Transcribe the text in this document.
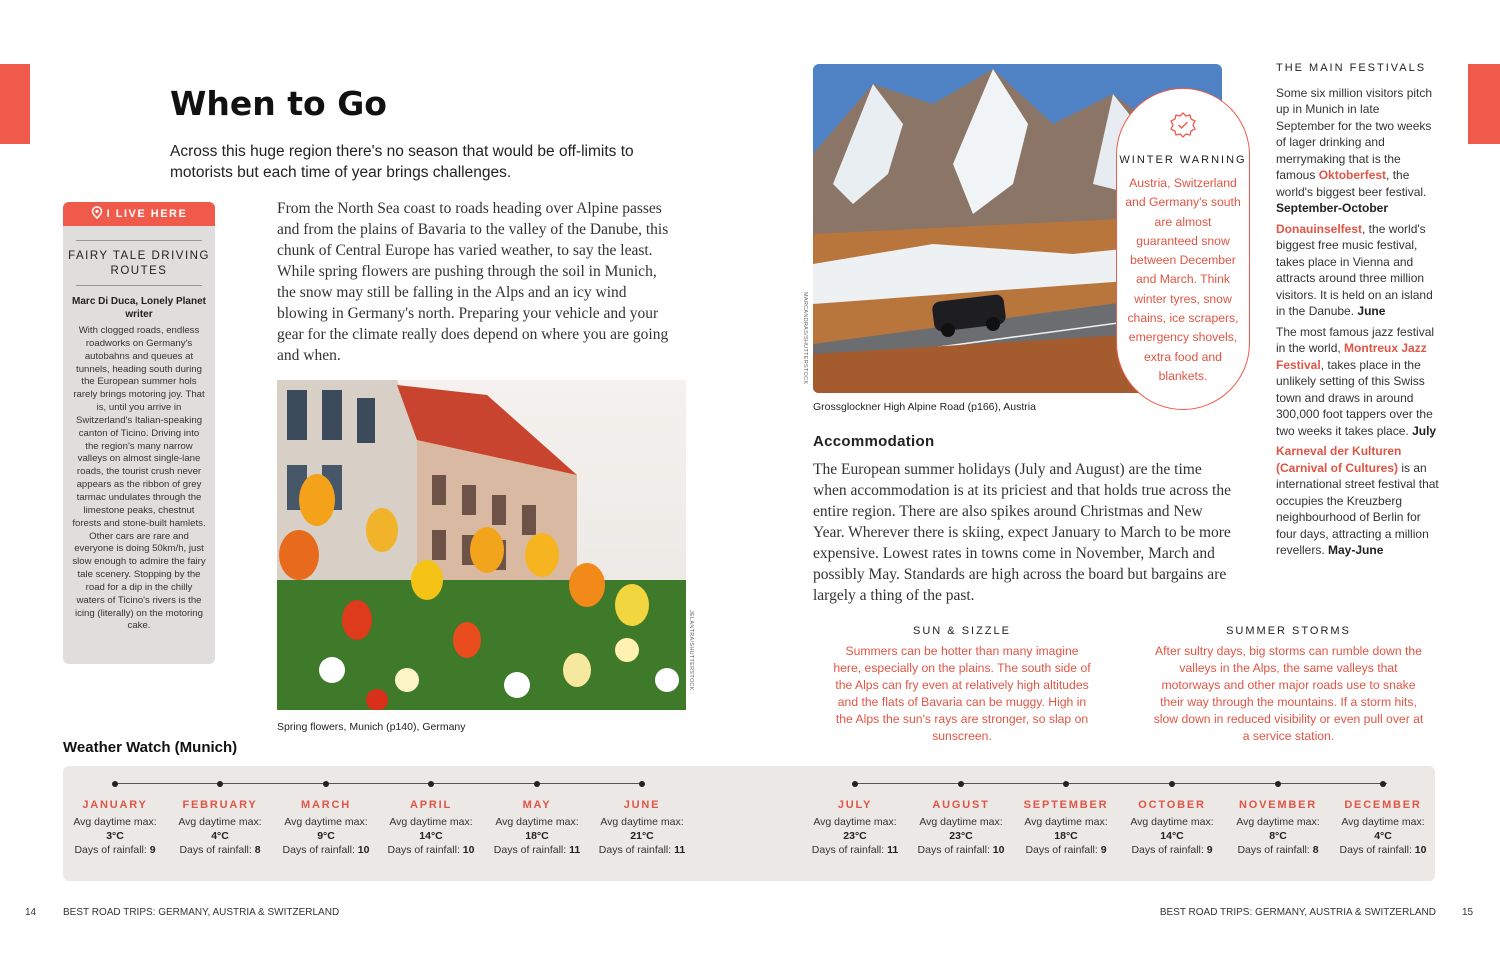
When to Go

Across this huge region there's no season that would be off-limits to motorists but each time of year brings challenges.

I LIVE HERE
FAIRY TALE DRIVING ROUTES
Marc Di Duca, Lonely Planet writer
With clogged roads, endless roadworks on Germany's autobahns and queues at tunnels, heading south during the European summer hols rarely brings motoring joy. That is, until you arrive in Switzerland's Italian-speaking canton of Ticino. Driving into the region's many narrow valleys on almost single-lane roads, the tourist crush never appears as the ribbon of grey tarmac undulates through the limestone peaks, chestnut forests and stone-built hamlets. Other cars are rare and everyone is doing 50km/h, just slow enough to admire the fairy tale scenery. Stopping by the road for a dip in the chilly waters of Ticino's rivers is the icing (literally) on the motoring cake.

From the North Sea coast to roads heading over Alpine passes and from the plains of Bavaria to the valley of the Danube, this chunk of Central Europe has varied weather, to say the least. While spring flowers are pushing through the soil in Munich, the snow may still be falling in the Alps and an icy wind blowing in Germany's north. Preparing your vehicle and your gear for the climate really does depend on where you are going and when.

JELANTRA/SHUTTERSTOCK
Spring flowers, Munich (p140), Germany
MARCANDRAS/SHUTTERSTOCK
Grossglockner High Alpine Road (p166), Austria
WINTER WARNING
Austria, Switzerland and Germany's south are almost guaranteed snow between December and March. Think winter tyres, snow chains, ice scrapers, emergency shovels, extra food and blankets.
Accommodation

The European summer holidays (July and August) are the time when accommodation is at its priciest and that holds true across the entire region. There are also spikes around Christmas and New Year. Wherever there is skiing, expect January to March to be more expensive. Lowest rates in towns come in November, March and possibly May. Standards are high across the board but bargains are largely a thing of the past.

THE MAIN FESTIVALS

Some six million visitors pitch up in Munich in late September for the two weeks of lager drinking and merrymaking that is the famous Oktoberfest, the world's biggest beer festival. September-October

Donauinselfest, the world's biggest free music festival, takes place in Vienna and attracts around three million visitors. It is held on an island in the Danube. June

The most famous jazz festival in the world, Montreux Jazz Festival, takes place in the unlikely setting of this Swiss town and draws in around 300,000 foot tappers over the two weeks it takes place. July

Karneval der Kulturen (Carnival of Cultures) is an international street festival that occupies the Kreuzberg neighbourhood of Berlin for four days, attracting a million revellers. May-June

SUN & SIZZLE
Summers can be hotter than many imagine here, especially on the plains. The south side of the Alps can fry even at relatively high altitudes and the flats of Bavaria can be muggy. High in the Alps the sun's rays are stronger, so slap on sunscreen.
SUMMER STORMS
After sultry days, big storms can rumble down the valleys in the Alps, the same valleys that motorways and other major roads use to snake their way through the mountains. If a storm hits, slow down in reduced visibility or even pull over at a service station.
Weather Watch (Munich)
JANUARY
Avg daytime max:
3°C
Days of rainfall: 9
FEBRUARY
Avg daytime max:
4°C
Days of rainfall: 8
MARCH
Avg daytime max:
9°C
Days of rainfall: 10
APRIL
Avg daytime max:
14°C
Days of rainfall: 10
MAY
Avg daytime max:
18°C
Days of rainfall: 11
JUNE
Avg daytime max:
21°C
Days of rainfall: 11
JULY
Avg daytime max:
23°C
Days of rainfall: 11
AUGUST
Avg daytime max:
23°C
Days of rainfall: 10
SEPTEMBER
Avg daytime max:
18°C
Days of rainfall: 9
OCTOBER
Avg daytime max:
14°C
Days of rainfall: 9
NOVEMBER
Avg daytime max:
8°C
Days of rainfall: 8
DECEMBER
Avg daytime max:
4°C
Days of rainfall: 10
14	BEST ROAD TRIPS: GERMANY, AUSTRIA & SWITZERLAND	BEST ROAD TRIPS: GERMANY, AUSTRIA & SWITZERLAND	15
